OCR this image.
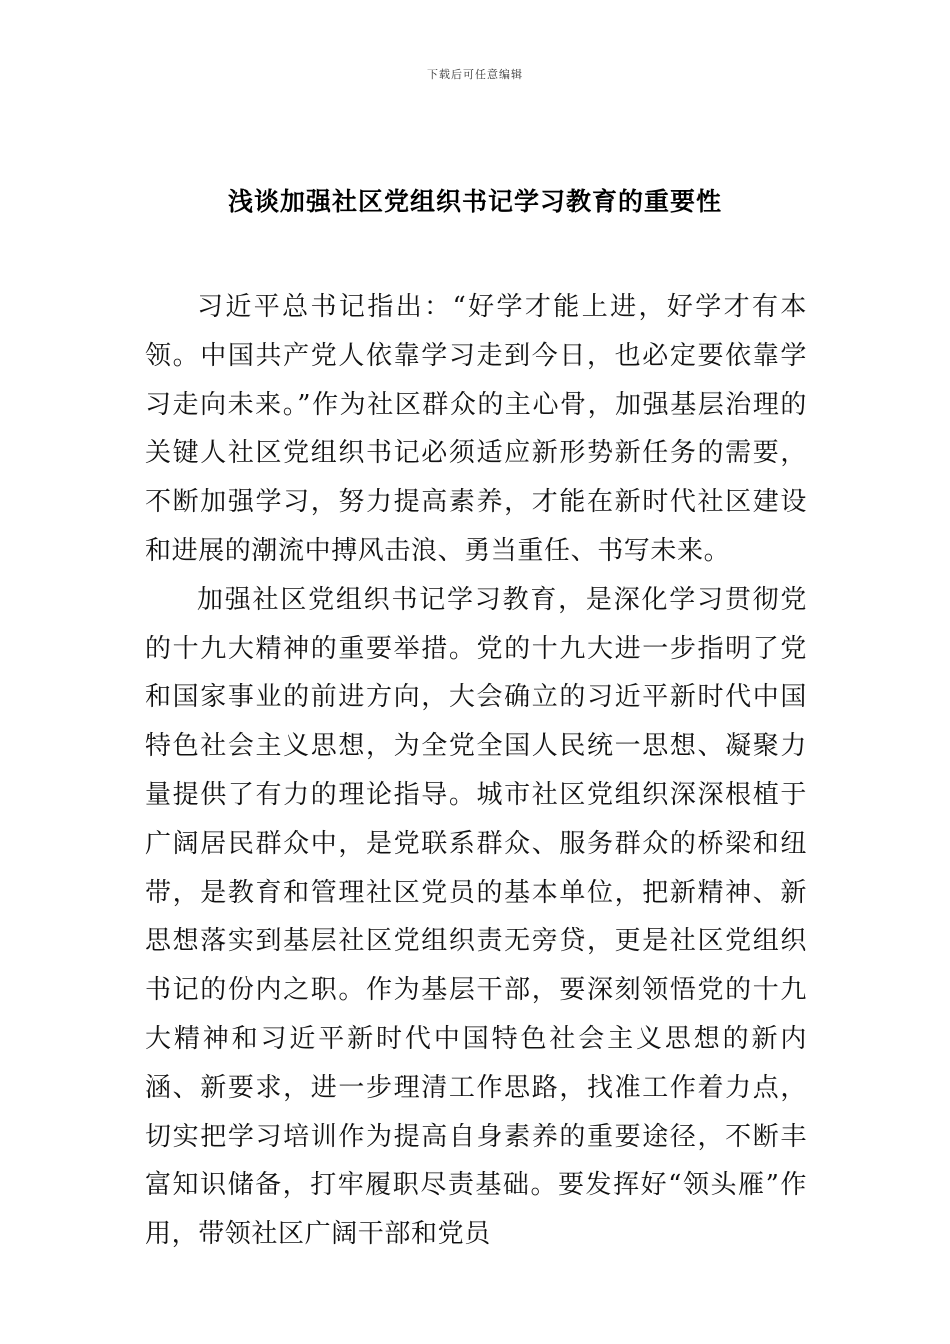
下载后可任意编辑
浅谈加强社区党组织书记学习教育的重要性

习近平总书记指出：“好学才能上进，好学才有本领。中国共产党人依靠学习走到今日，也必定要依靠学习走向未来。”作为社区群众的主心骨，加强基层治理的关键人社区党组织书记必须适应新形势新任务的需要，不断加强学习，努力提高素养，才能在新时代社区建设和进展的潮流中搏风击浪、勇当重任、书写未来。

加强社区党组织书记学习教育，是深化学习贯彻党的十九大精神的重要举措。党的十九大进一步指明了党和国家事业的前进方向，大会确立的习近平新时代中国特色社会主义思想，为全党全国人民统一思想、凝聚力量提供了有力的理论指导。城市社区党组织深深根植于广阔居民群众中，是党联系群众、服务群众的桥梁和纽带，是教育和管理社区党员的基本单位，把新精神、新思想落实到基层社区党组织责无旁贷，更是社区党组织书记的份内之职。作为基层干部，要深刻领悟党的十九大精神和习近平新时代中国特色社会主义思想的新内涵、新要求，进一步理清工作思路，找准工作着力点，切实把学习培训作为提高自身素养的重要途径，不断丰富知识储备，打牢履职尽责基础。要发挥好“领头雁”作用，带领社区广阔干部和党员
